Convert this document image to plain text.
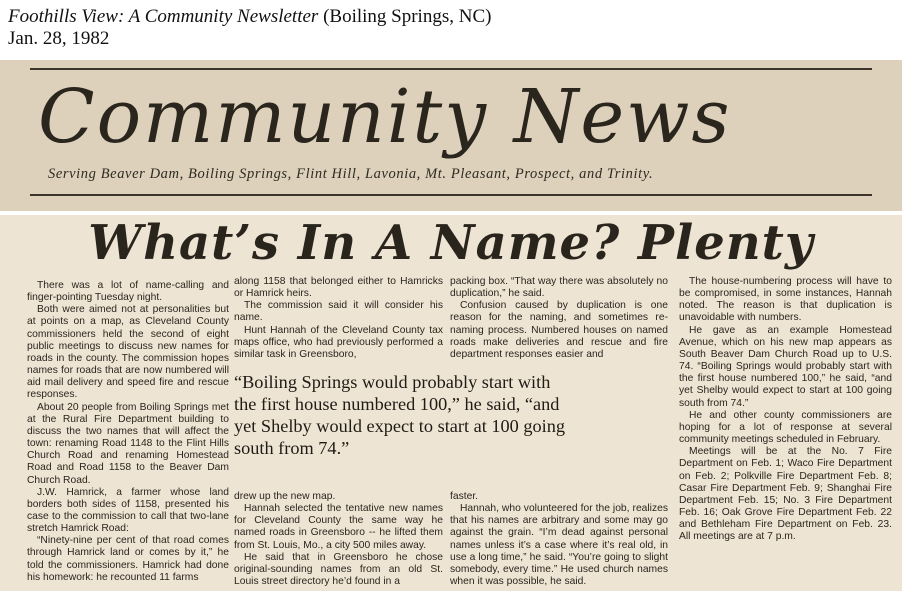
Foothills View: A Community Newsletter (Boiling Springs, NC)
Jan. 28, 1982
Community News
Serving Beaver Dam, Boiling Springs, Flint Hill, Lavonia, Mt. Pleasant, Prospect, and Trinity.
What’s In A Name? Plenty

There was a lot of name-calling and finger-pointing Tuesday night.

Both were aimed not at personalities but at points on a map, as Cleveland County commissioners held the second of eight public meetings to discuss new names for roads in the county. The commission hopes names for roads that are now numbered will aid mail delivery and speed fire and rescue responses.

About 20 people from Boiling Springs met at the Rural Fire Department building to discuss the two names that will affect the town: renaming Road 1148 to the Flint Hills Church Road and renaming Homestead Road and Road 1158 to the Beaver Dam Church Road.

J.W. Hamrick, a farmer whose land borders both sides of 1158, presented his case to the commission to call that two-lane stretch Hamrick Road:

“Ninety-nine per cent of that road comes through Hamrick land or comes by it,” he told the commissioners. Hamrick had done his homework: he recounted 11 farms

along 1158 that belonged either to Hamricks or Hamrick heirs.

The commission said it will consider his name.

Hunt Hannah of the Cleveland County tax maps office, who had previously performed a similar task in Greensboro,

packing box. “That way there was absolutely no duplication,” he said.

Confusion caused by duplication is one reason for the naming, and sometimes re-naming process. Numbered houses on named roads make deliveries and rescue and fire department responses easier and

“Boiling Springs would probably start with
the first house numbered 100,” he said, “and
yet Shelby would expect to start at 100 going
south from 74.”

drew up the new map.

Hannah selected the tentative new names for Cleveland County the same way he named roads in Greensboro -- he lifted them from St. Louis, Mo., a city 500 miles away.

He said that in Greensboro he chose original-sounding names from an old St. Louis street directory he’d found in a

faster.

Hannah, who volunteered for the job, realizes that his names are arbitrary and some may go against the grain. “I’m dead against personal names unless it’s a case where it’s real old, in use a long time,” he said. “You’re going to slight somebody, every time.” He used church names when it was possible, he said.

The house-numbering process will have to be compromised, in some instances, Hannah noted. The reason is that duplication is unavoidable with numbers.

He gave as an example Homestead Avenue, which on his new map appears as South Beaver Dam Church Road up to U.S. 74. “Boiling Springs would probably start with the first house numbered 100,” he said, “and yet Shelby would expect to start at 100 going south from 74.”

He and other county commissioners are hoping for a lot of response at several community meetings scheduled in February.

Meetings will be at the No. 7 Fire Department on Feb. 1; Waco Fire Department on Feb. 2; Polkville Fire Department Feb. 8; Casar Fire Department Feb. 9; Shanghai Fire Department Feb. 15; No. 3 Fire Department Feb. 16; Oak Grove Fire Department Feb. 22 and Bethleham Fire Department on Feb. 23. All meetings are at 7 p.m.
